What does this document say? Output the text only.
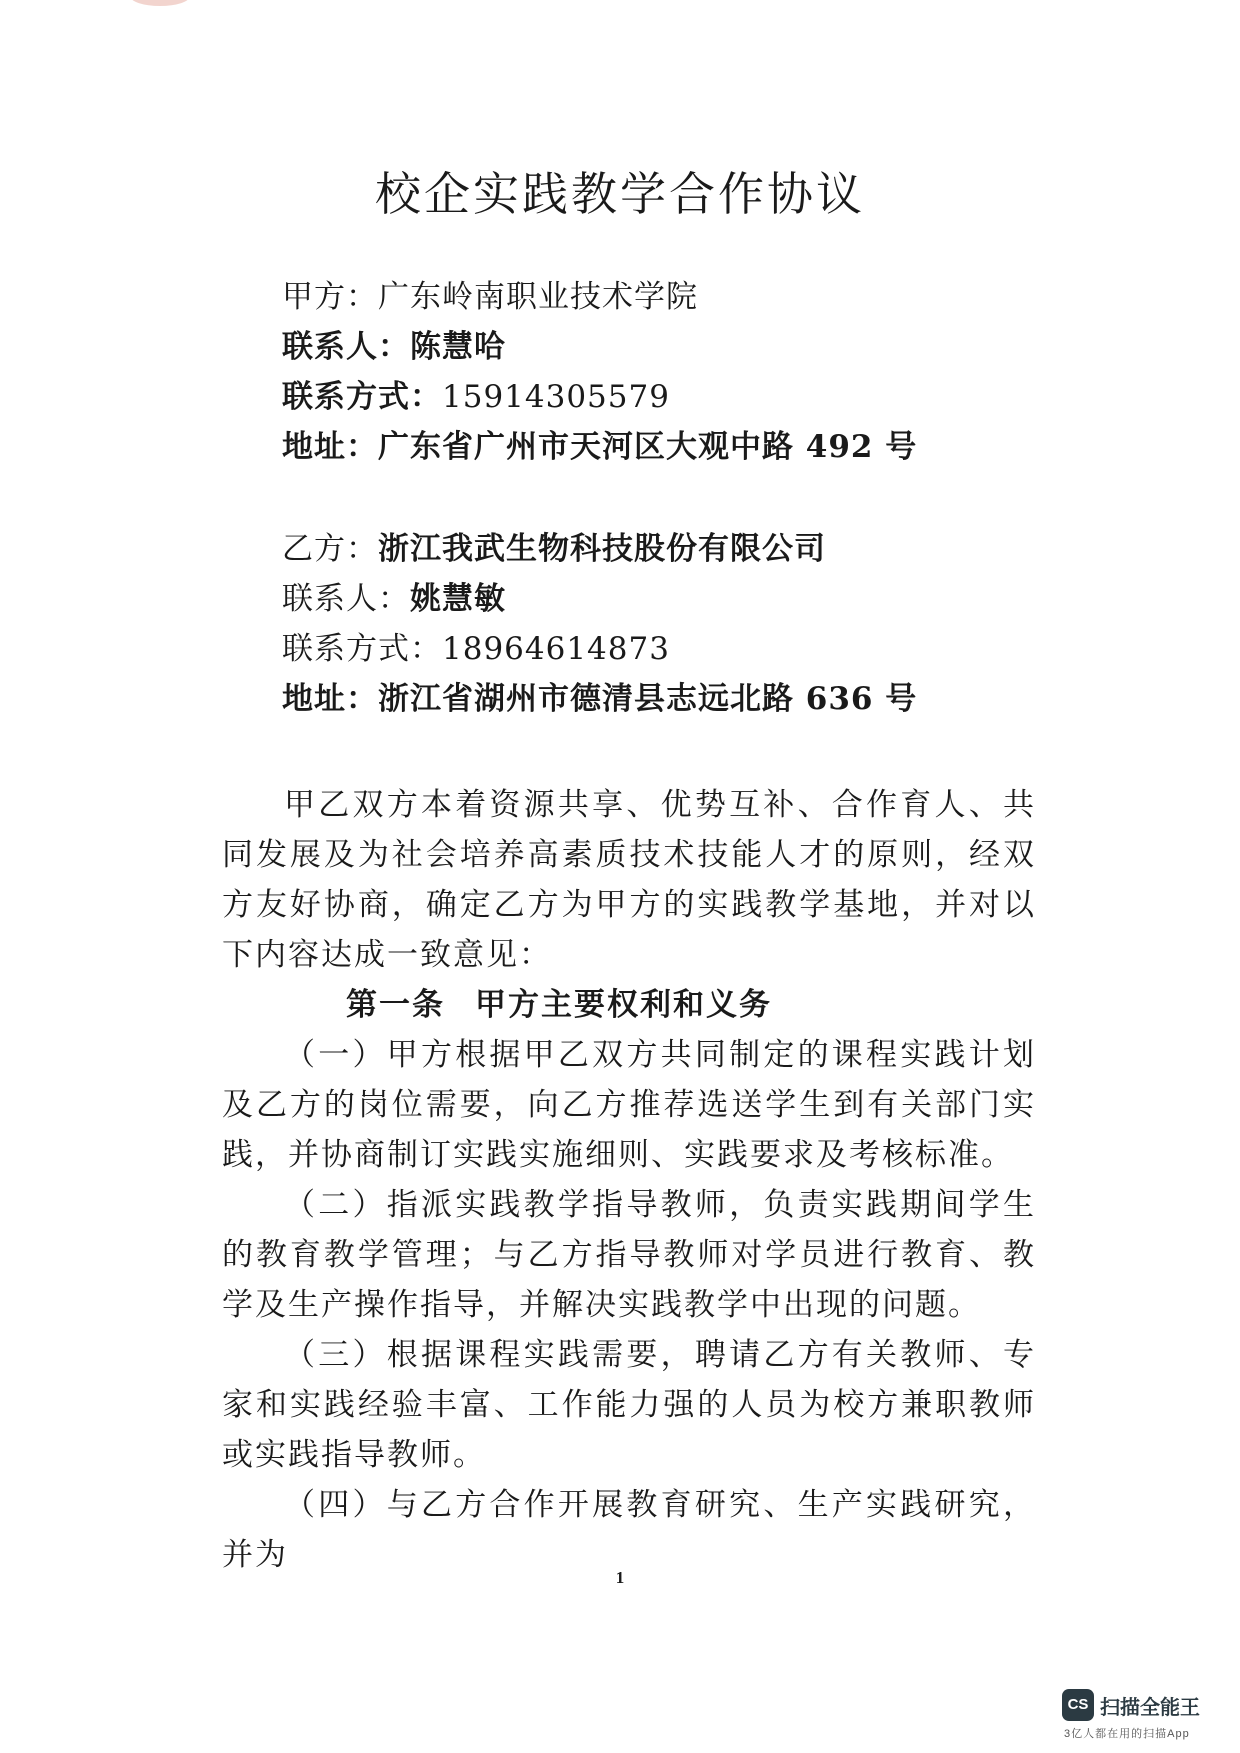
校企实践教学合作协议
甲方：广东岭南职业技术学院
联系人：陈慧哈
联系方式：15914305579
地址：广东省广州市天河区大观中路 492 号
乙方：浙江我武生物科技股份有限公司
联系人：姚慧敏
联系方式：18964614873
地址：浙江省湖州市德清县志远北路 636 号

甲乙双方本着资源共享、优势互补、合作育人、共同发展及为社会培养高素质技术技能人才的原则，经双方友好协商，确定乙方为甲方的实践教学基地，并对以下内容达成一致意见：

第一条 甲方主要权利和义务

（一）甲方根据甲乙双方共同制定的课程实践计划及乙方的岗位需要，向乙方推荐选送学生到有关部门实践，并协商制订实践实施细则、实践要求及考核标准。

（二）指派实践教学指导教师，负责实践期间学生的教育教学管理；与乙方指导教师对学员进行教育、教学及生产操作指导，并解决实践教学中出现的问题。

（三）根据课程实践需要，聘请乙方有关教师、专家和实践经验丰富、工作能力强的人员为校方兼职教师或实践指导教师。

（四）与乙方合作开展教育研究、生产实践研究，并为

1
CS 扫描全能王
3亿人都在用的扫描App
